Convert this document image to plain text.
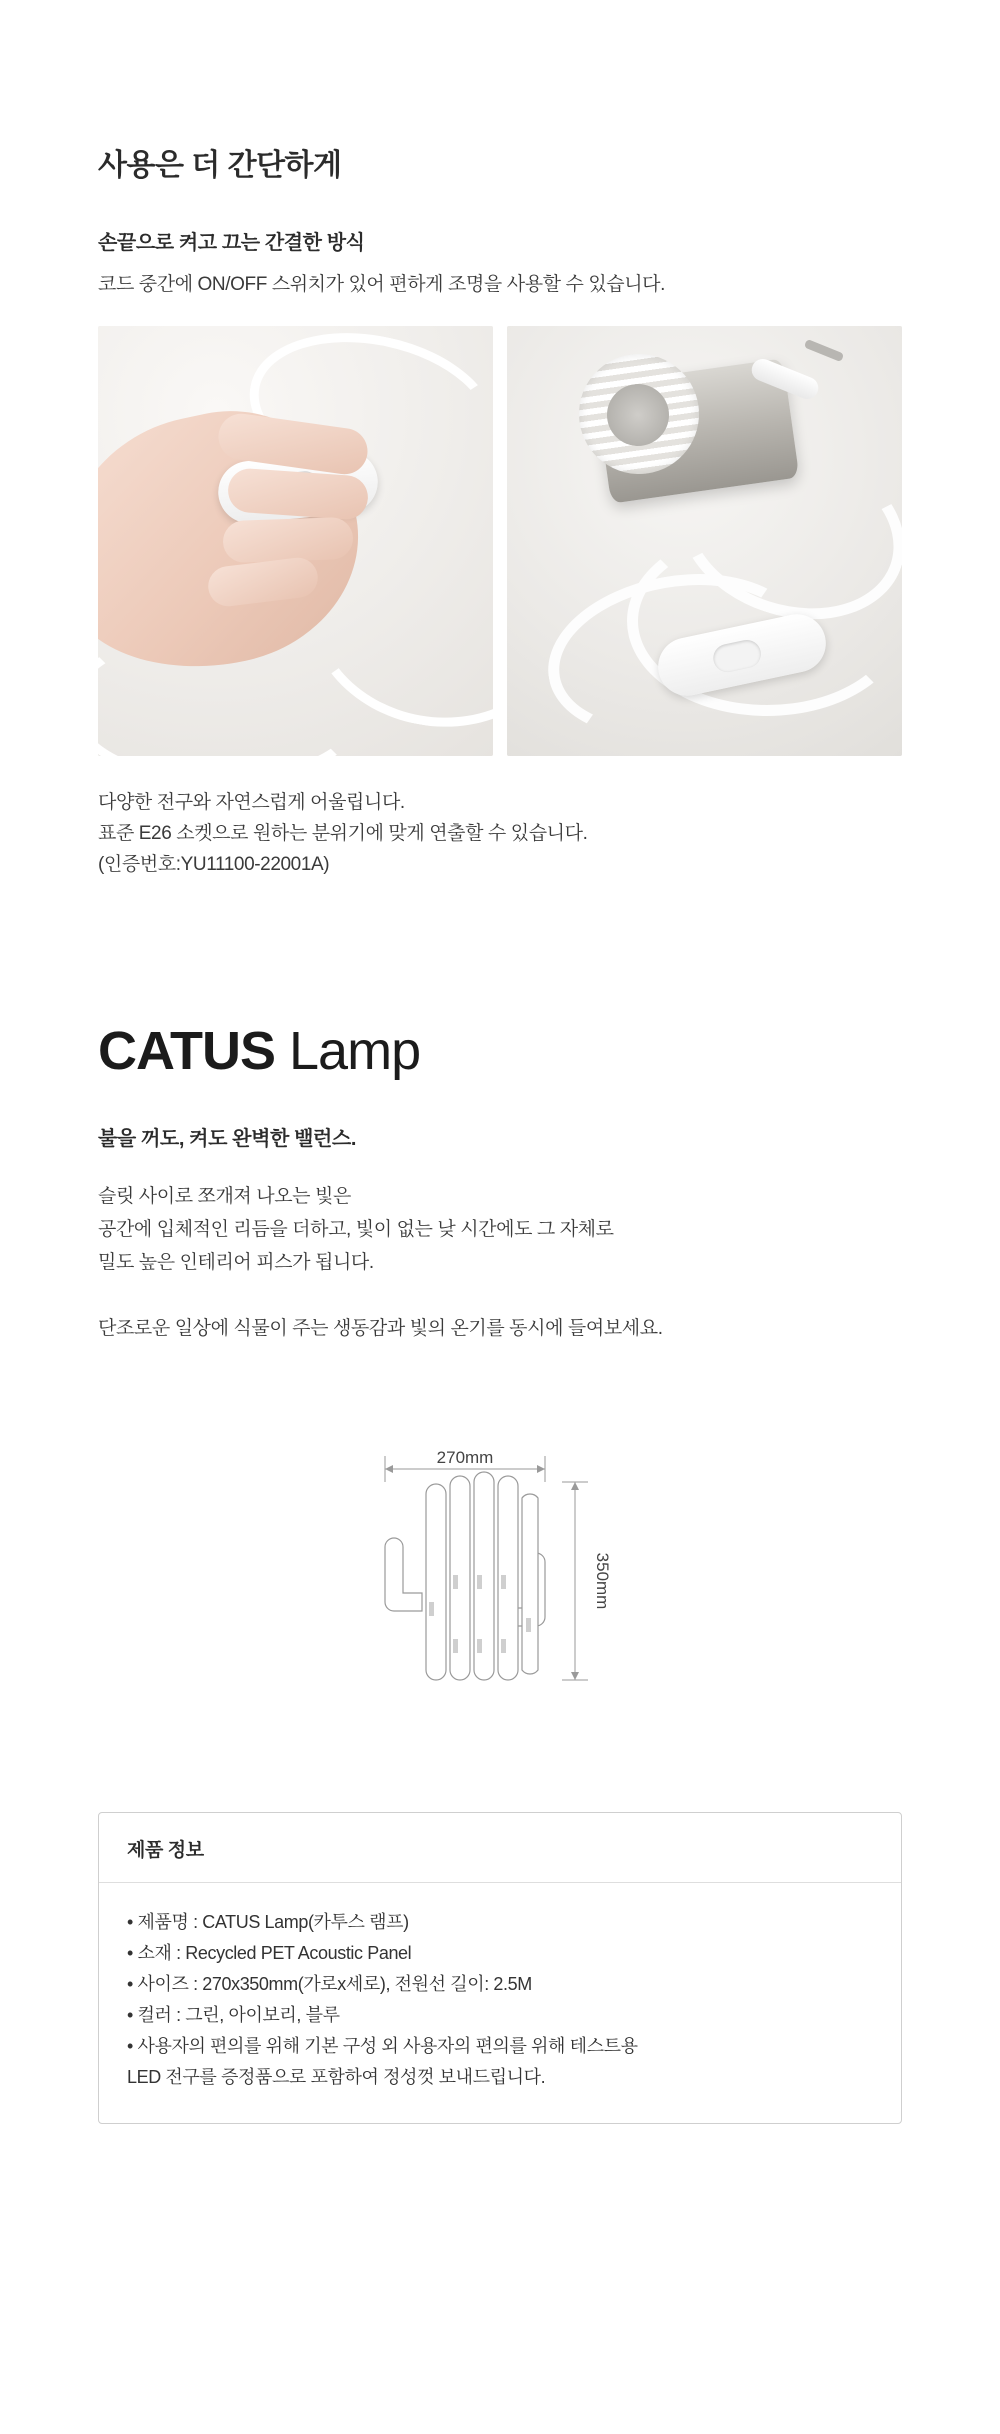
사용은 더 간단하게
손끝으로 켜고 끄는 간결한 방식
코드 중간에 ON/OFF 스위치가 있어 편하게 조명을 사용할 수 있습니다.
다양한 전구와 자연스럽게 어울립니다.
표준 E26 소켓으로 원하는 분위기에 맞게 연출할 수 있습니다.
(인증번호:YU11100-22001A)
CATUS Lamp
불을 꺼도, 켜도 완벽한 밸런스.
슬릿 사이로 쪼개져 나오는 빛은
공간에 입체적인 리듬을 더하고, 빛이 없는 낮 시간에도 그 자체로
밀도 높은 인테리어 피스가 됩니다.
단조로운 일상에 식물이 주는 생동감과 빛의 온기를 동시에 들여보세요.
270mm
350mm
제품 정보
• 제품명 : CATUS Lamp(카투스 램프)
• 소재 : Recycled PET Acoustic Panel
• 사이즈 : 270x350mm(가로x세로), 전원선 길이: 2.5M
• 컬러 : 그린, 아이보리, 블루
• 사용자의 편의를 위해 기본 구성 외 사용자의 편의를 위해 테스트용
LED 전구를 증정품으로 포함하여 정성껏 보내드립니다.
